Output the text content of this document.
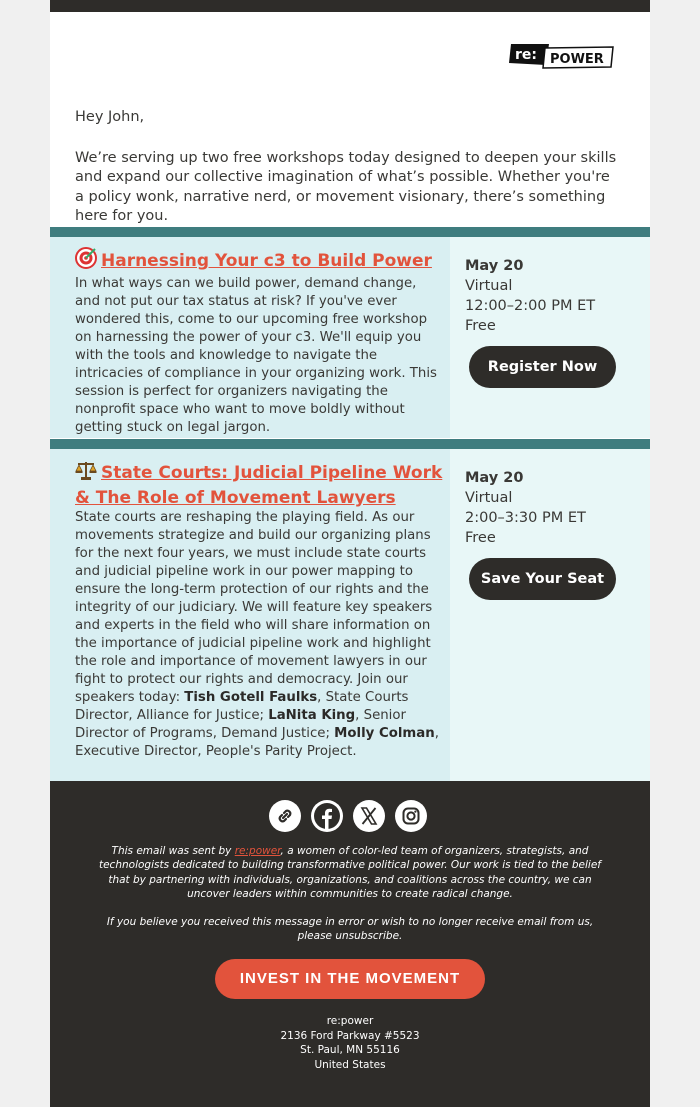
re: POWER

Hey John,

We’re serving up two free workshops today designed to deepen your skills and expand our collective imagination of what’s possible. Whether you're a policy wonk, narrative nerd, or movement visionary, there’s something here for you.

Harnessing Your c3 to Build Power
In what ways can we build power, demand change, and not put our tax status at risk? If you've ever wondered this, come to our upcoming free workshop on harnessing the power of your c3. We'll equip you with the tools and knowledge to navigate the intricacies of compliance in your organizing work. This session is perfect for organizers navigating the nonprofit space who want to move boldly without getting stuck on legal jargon.
May 20
Virtual
12:00–2:00 PM ET
Free
Register Now
State Courts: Judicial Pipeline Work & The Role of Movement Lawyers
State courts are reshaping the playing field. As our movements strategize and build our organizing plans for the next four years, we must include state courts and judicial pipeline work in our power mapping to ensure the long-term protection of our rights and the integrity of our judiciary. We will feature key speakers and experts in the field who will share information on the importance of judicial pipeline work and highlight the role and importance of movement lawyers in our fight to protect our rights and democracy. Join our speakers today: Tish Gotell Faulks, State Courts Director, Alliance for Justice; LaNita King, Senior Director of Programs, Demand Justice; Molly Colman, Executive Director, People's Parity Project.
May 20
Virtual
2:00–3:30 PM ET
Free
Save Your Seat
This email was sent by re:power, a women of color-led team of organizers, strategists, and technologists dedicated to building transformative political power. Our work is tied to the belief that by partnering with individuals, organizations, and coalitions across the country, we can uncover leaders within communities to create radical change.
If you believe you received this message in error or wish to no longer receive email from us, please unsubscribe.
INVEST IN THE MOVEMENT
re:power
2136 Ford Parkway #5523
St. Paul, MN 55116
United States
